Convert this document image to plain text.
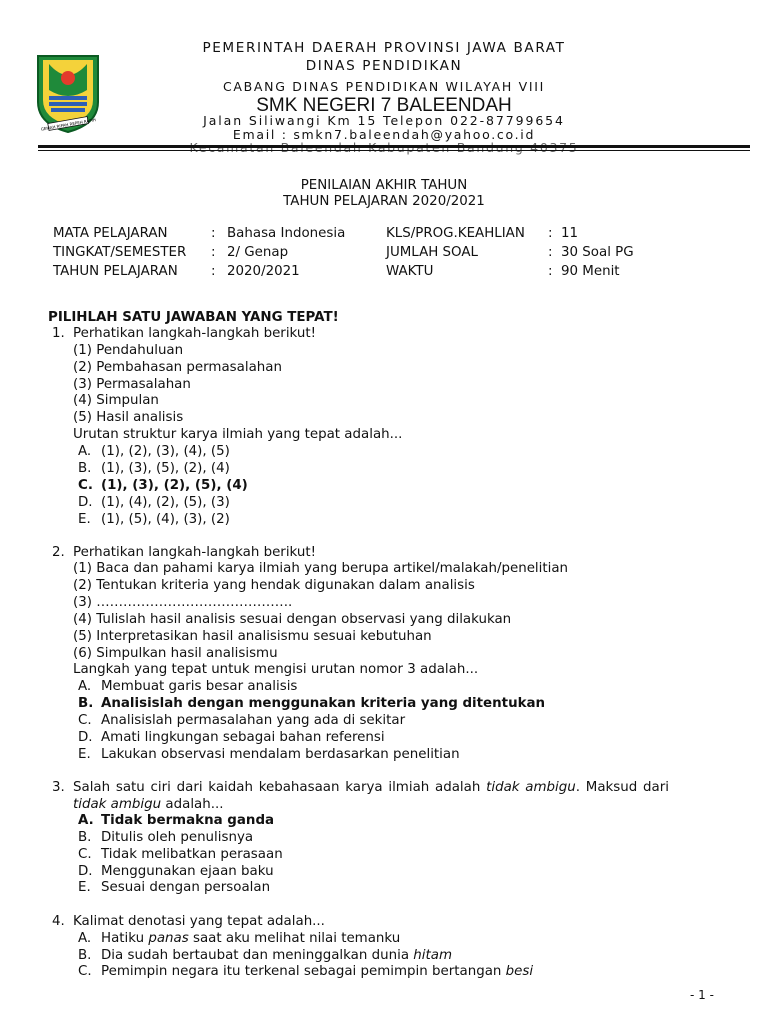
GEMAH RIPAH REPEH RAPIH
PEMERINTAH DAERAH PROVINSI JAWA BARAT
DINAS PENDIDIKAN
CABANG DINAS PENDIDIKAN WILAYAH VIII
SMK NEGERI 7 BALEENDAH
Jalan Siliwangi Km 15 Telepon 022-87799654
Email : smkn7.baleendah@yahoo.co.id
PENILAIAN AKHIR TAHUN
TAHUN PELAJARAN 2020/2021
MATA PELAJARAN	: Bahasa Indonesia	KLS/PROG.KEAHLIAN : 11
TINGKAT/SEMESTER : 2/ Genap	JUMLAH SOAL	: 30 Soal PG
TAHUN PELAJARAN : 2020/2021	WAKTU	: 90 Menit
PILIHLAH SATU JAWABAN YANG TEPAT!
1. Perhatikan langkah-langkah berikut!
(1) Pendahuluan
(2) Pembahasan permasalahan
(3) Permasalahan
(4) Simpulan
(5) Hasil analisis
Urutan struktur karya ilmiah yang tepat adalah...
A. (1), (2), (3), (4), (5)
B. (1), (3), (5), (2), (4)
C. (1), (3), (2), (5), (4)
D. (1), (4), (2), (5), (3)
E. (1), (5), (4), (3), (2)
2. Perhatikan langkah-langkah berikut!
(1) Baca dan pahami karya ilmiah yang berupa artikel/malakah/penelitian
(2) Tentukan kriteria yang hendak digunakan dalam analisis
(3) ……………………………………..
(4) Tulislah hasil analisis sesuai dengan observasi yang dilakukan
(5) Interpretasikan hasil analisismu sesuai kebutuhan
(6) Simpulkan hasil analisismu
Langkah yang tepat untuk mengisi urutan nomor 3 adalah...
A. Membuat garis besar analisis
B. Analisislah dengan menggunakan kriteria yang ditentukan
C. Analisislah permasalahan yang ada di sekitar
D. Amati lingkungan sebagai bahan referensi
E. Lakukan observasi mendalam berdasarkan penelitian
3. Salah satu ciri dari kaidah kebahasaan karya ilmiah adalah tidak ambigu. Maksud dari
tidak ambigu adalah...
A. Tidak bermakna ganda
B. Ditulis oleh penulisnya
C. Tidak melibatkan perasaan
D. Menggunakan ejaan baku
E. Sesuai dengan persoalan
4. Kalimat denotasi yang tepat adalah...
A. Hatiku panas saat aku melihat nilai temanku
B. Dia sudah bertaubat dan meninggalkan dunia hitam
C. Pemimpin negara itu terkenal sebagai pemimpin bertangan besi
- 1 -
